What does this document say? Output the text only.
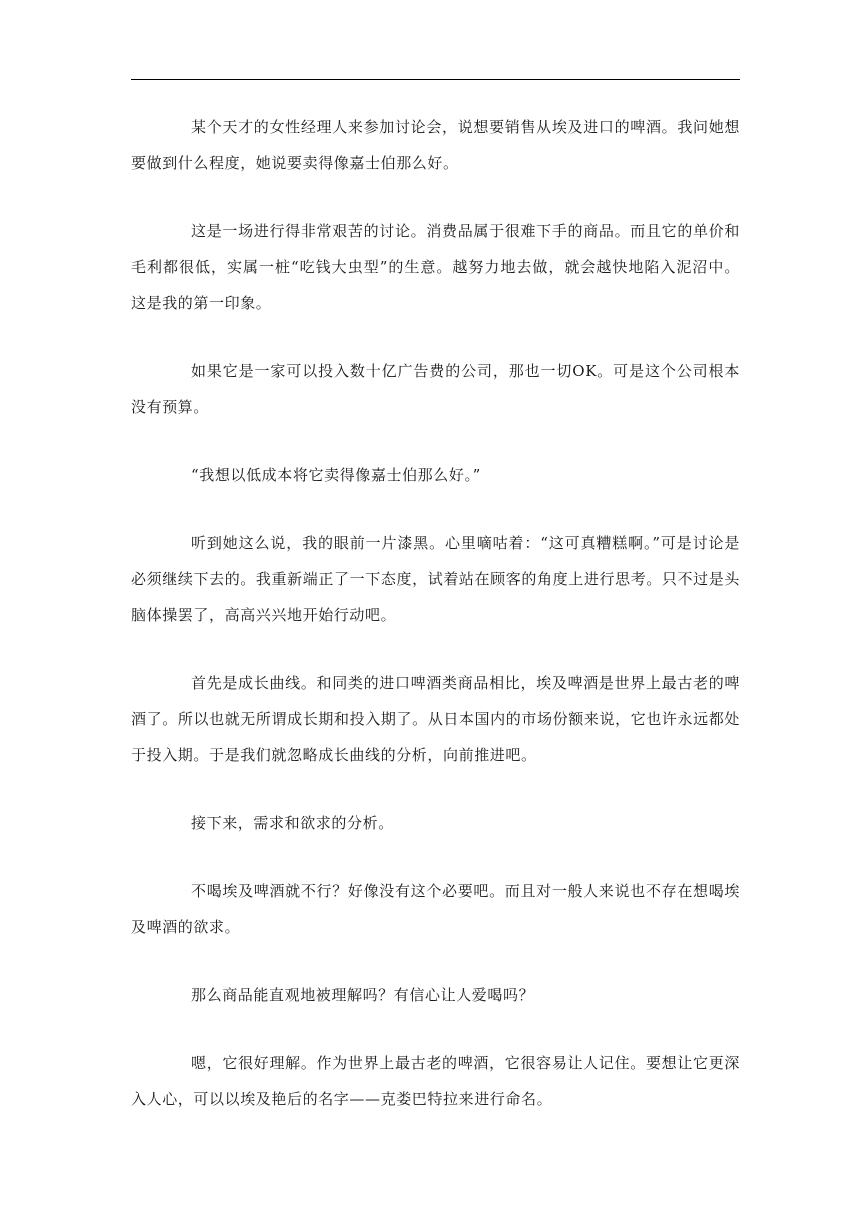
某个天才的女性经理人来参加讨论会，说想要销售从埃及进口的啤酒。我问她想要做到什么程度，她说要卖得像嘉士伯那么好。

这是一场进行得非常艰苦的讨论。消费品属于很难下手的商品。而且它的单价和毛利都很低，实属一桩“吃钱大虫型”的生意。越努力地去做，就会越快地陷入泥沼中。这是我的第一印象。

如果它是一家可以投入数十亿广告费的公司，那也一切OK。可是这个公司根本没有预算。

“我想以低成本将它卖得像嘉士伯那么好。”

听到她这么说，我的眼前一片漆黑。心里嘀咕着：“这可真糟糕啊。”可是讨论是必须继续下去的。我重新端正了一下态度，试着站在顾客的角度上进行思考。只不过是头脑体操罢了，高高兴兴地开始行动吧。

首先是成长曲线。和同类的进口啤酒类商品相比，埃及啤酒是世界上最古老的啤酒了。所以也就无所谓成长期和投入期了。从日本国内的市场份额来说，它也许永远都处于投入期。于是我们就忽略成长曲线的分析，向前推进吧。

接下来，需求和欲求的分析。

不喝埃及啤酒就不行？好像没有这个必要吧。而且对一般人来说也不存在想喝埃及啤酒的欲求。

那么商品能直观地被理解吗？有信心让人爱喝吗？

嗯，它很好理解。作为世界上最古老的啤酒，它很容易让人记住。要想让它更深入人心，可以以埃及艳后的名字——克娄巴特拉来进行命名。
